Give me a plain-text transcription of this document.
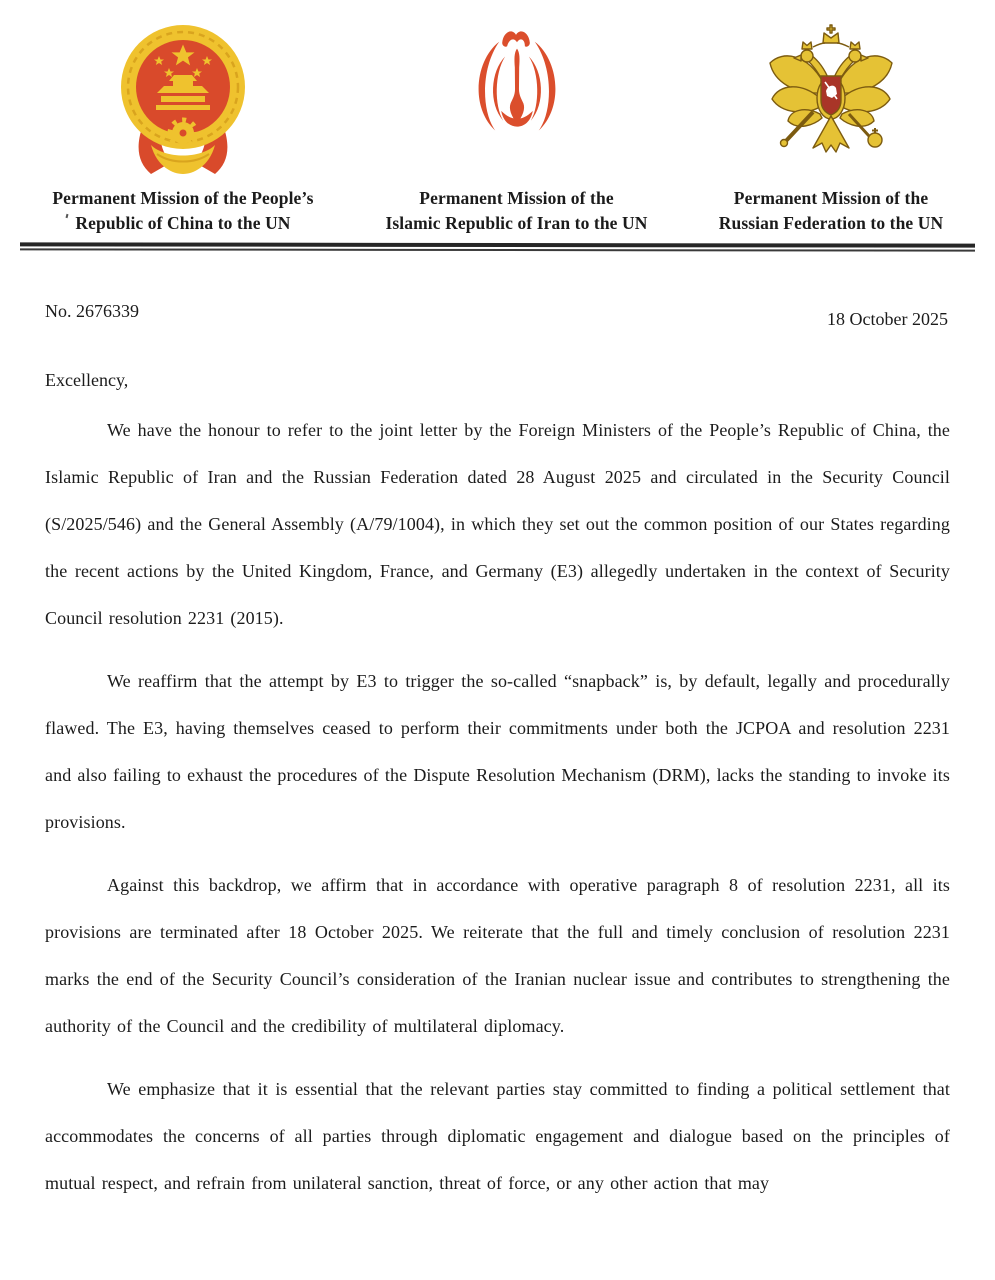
Permanent Mission of the People’s
Republic of China to the UN
Permanent Mission of the
Islamic Republic of Iran to the UN
Permanent Mission of the
Russian Federation to the UN
No. 2676339	18 October 2025
Excellency,

We have the honour to refer to the joint letter by the Foreign Ministers of the People’s Republic of China, the Islamic Republic of Iran and the Russian Federation dated 28 August 2025 and circulated in the Security Council (S/2025/546) and the General Assembly (A/79/1004), in which they set out the common position of our States regarding the recent actions by the United Kingdom, France, and Germany (E3) allegedly undertaken in the context of Security Council resolution 2231 (2015).

We reaffirm that the attempt by E3 to trigger the so-called “snapback” is, by default, legally and procedurally flawed. The E3, having themselves ceased to perform their commitments under both the JCPOA and resolution 2231 and also failing to exhaust the procedures of the Dispute Resolution Mechanism (DRM), lacks the standing to invoke its provisions.

Against this backdrop, we affirm that in accordance with operative paragraph 8 of resolution 2231, all its provisions are terminated after 18 October 2025. We reiterate that the full and timely conclusion of resolution 2231 marks the end of the Security Council’s consideration of the Iranian nuclear issue and contributes to strengthening the authority of the Council and the credibility of multilateral diplomacy.

We emphasize that it is essential that the relevant parties stay committed to finding a political settlement that accommodates the concerns of all parties through diplomatic engagement and dialogue based on the principles of mutual respect, and refrain from unilateral sanction, threat of force, or any other action that may
